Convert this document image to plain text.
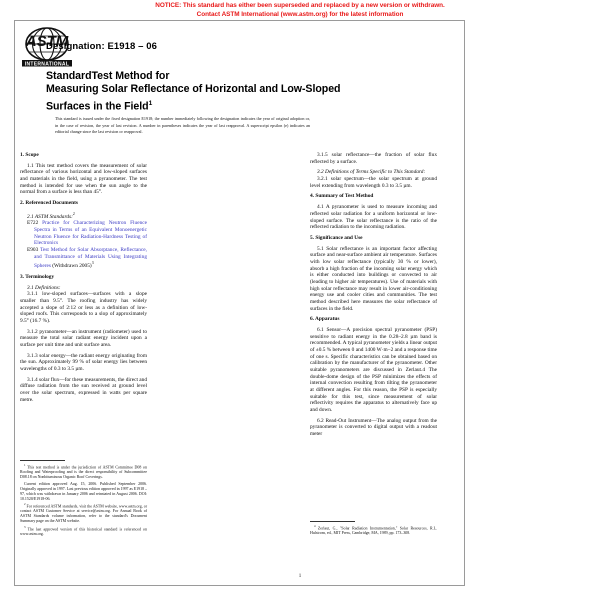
NOTICE: This standard has either been superseded and replaced by a new version or withdrawn.
Contact ASTM International (www.astm.org) for the latest information
ASTM
INTERNATIONAL
Designation: E1918 – 06
StandardTest Method for
Measuring Solar Reflectance of Horizontal and Low-Sloped
Surfaces in the Field$^1$
This standard is issued under the fixed designation E1918; the number immediately following the designation indicates the year of original adoption or, in the case of revision, the year of last revision. A number in parentheses indicates the year of last reapproval. A superscript epsilon (e) indicates an editorial change since the last revision or reapproval.

1. Scope

1.1 This test method covers the measurement of solar reflectance of various horizontal and low-sloped surfaces and materials in the field, using a pyranometer. The test method is intended for use when the sun angle to the normal from a surface is less than 45°.

2. Referenced Documents

2.1 ASTM Standards:$^2$

E722 Practice for Characterizing Neutron Fluence Spectra in Terms of an Equivalent Monoenergetic Neutron Fluence for Radiation-Hardness Testing of Electronics

E903 Test Method for Solar Absorptance, Reflectance, and Transmittance of Materials Using Integrating Spheres (Withdrawn 2005)$^3$

3. Terminology

3.1 Definitions:

3.1.1 low-sloped surfaces—surfaces with a slope smaller than 9.5°. The roofing industry has widely accepted a slope of 2:12 or less as a definition of low-sloped roofs. This corresponds to a slop of approximately 9.5° (16.7 %).

3.1.2 pyranometer—an instrument (radiometer) used to measure the total solar radiant energy incident upon a surface per unit time and unit surface area.

3.1.3 solar energy—the radiant energy originating from the sun. Approximately 99 % of solar energy lies between wavelengths of 0.3 to 3.5 µm.

3.1.4 solar flux—for these measurements, the direct and diffuse radiation from the sun received at ground level over the solar spectrum, expressed in watts per square metre.

$^1$ This test method is under the jurisdiction of ASTM Committee D08 on Roofing and Waterproofing and is the direct responsibility of Subcommittee D08.18 on Nonbituminous Organic Roof Coverings.

Current edition approved Aug. 15, 2006. Published September 2006. Originally approved in 1997. Last previous edition approved in 1997 as E1918 – 97, which was withdrawn in January 2006 and reinstated in August 2006. DOI: 10.1520/E1918-06.

$^2$ For referenced ASTM standards, visit the ASTM website, www.astm.org, or contact ASTM Customer Service at service@astm.org. For Annual Book of ASTM Standards volume information, refer to the standard's Document Summary page on the ASTM website.

$^3$ The last approved version of this historical standard is referenced on www.astm.org.

3.1.5 solar reflectance—the fraction of solar flux reflected by a surface.

3.2 Definitions of Terms Specific to This Standard:

3.2.1 solar spectrum—the solar spectrum at ground level extending from wavelength 0.3 to 3.5 µm.

4. Summary of Test Method

4.1 A pyranometer is used to measure incoming and reflected solar radiation for a uniform horizontal or low-sloped surface. The solar reflectance is the ratio of the reflected radiation to the incoming radiation.

5. Significance and Use

5.1 Solar reflectance is an important factor affecting surface and near-surface ambient air temperature. Surfaces with low solar reflectance (typically 30 % or lower), absorb a high fraction of the incoming solar energy which is either conducted into buildings or convected to air (leading to higher air temperatures). Use of materials with high solar reflectance may result in lower air-conditioning energy use and cooler cities and communities. The test method described here measures the solar reflectance of surfaces in the field.

6. Apparatus

6.1 Sensor—A precision spectral pyranometer (PSP) sensitive to radiant energy in the 0.28–2.8 µm band is recommended. A typical pyranometer yields a linear output of ±0.5 % between 0 and 1400 W·m−2 and a response time of one s. Specific characteristics can be obtained based on calibration by the manufacturer of the pyranometer. Other suitable pyranometers are discussed in Zerlaut.4 The double-dome design of the PSP minimizes the effects of internal convection resulting from tilting the pyranometer at different angles. For this reason, the PSP is especially suitable for this test, since measurement of solar reflectivity requires the apparatus to alternatively face up and down.

6.2 Read-Out Instrument—The analog output from the pyranometer is converted to digital output with a readout meter

$^4$ Zerlaut, G., "Solar Radiation Instrumentation," Solar Resources, R.L. Hulstrom, ed., MIT Press, Cambridge, MA, 1989, pp. 173–308.

1
